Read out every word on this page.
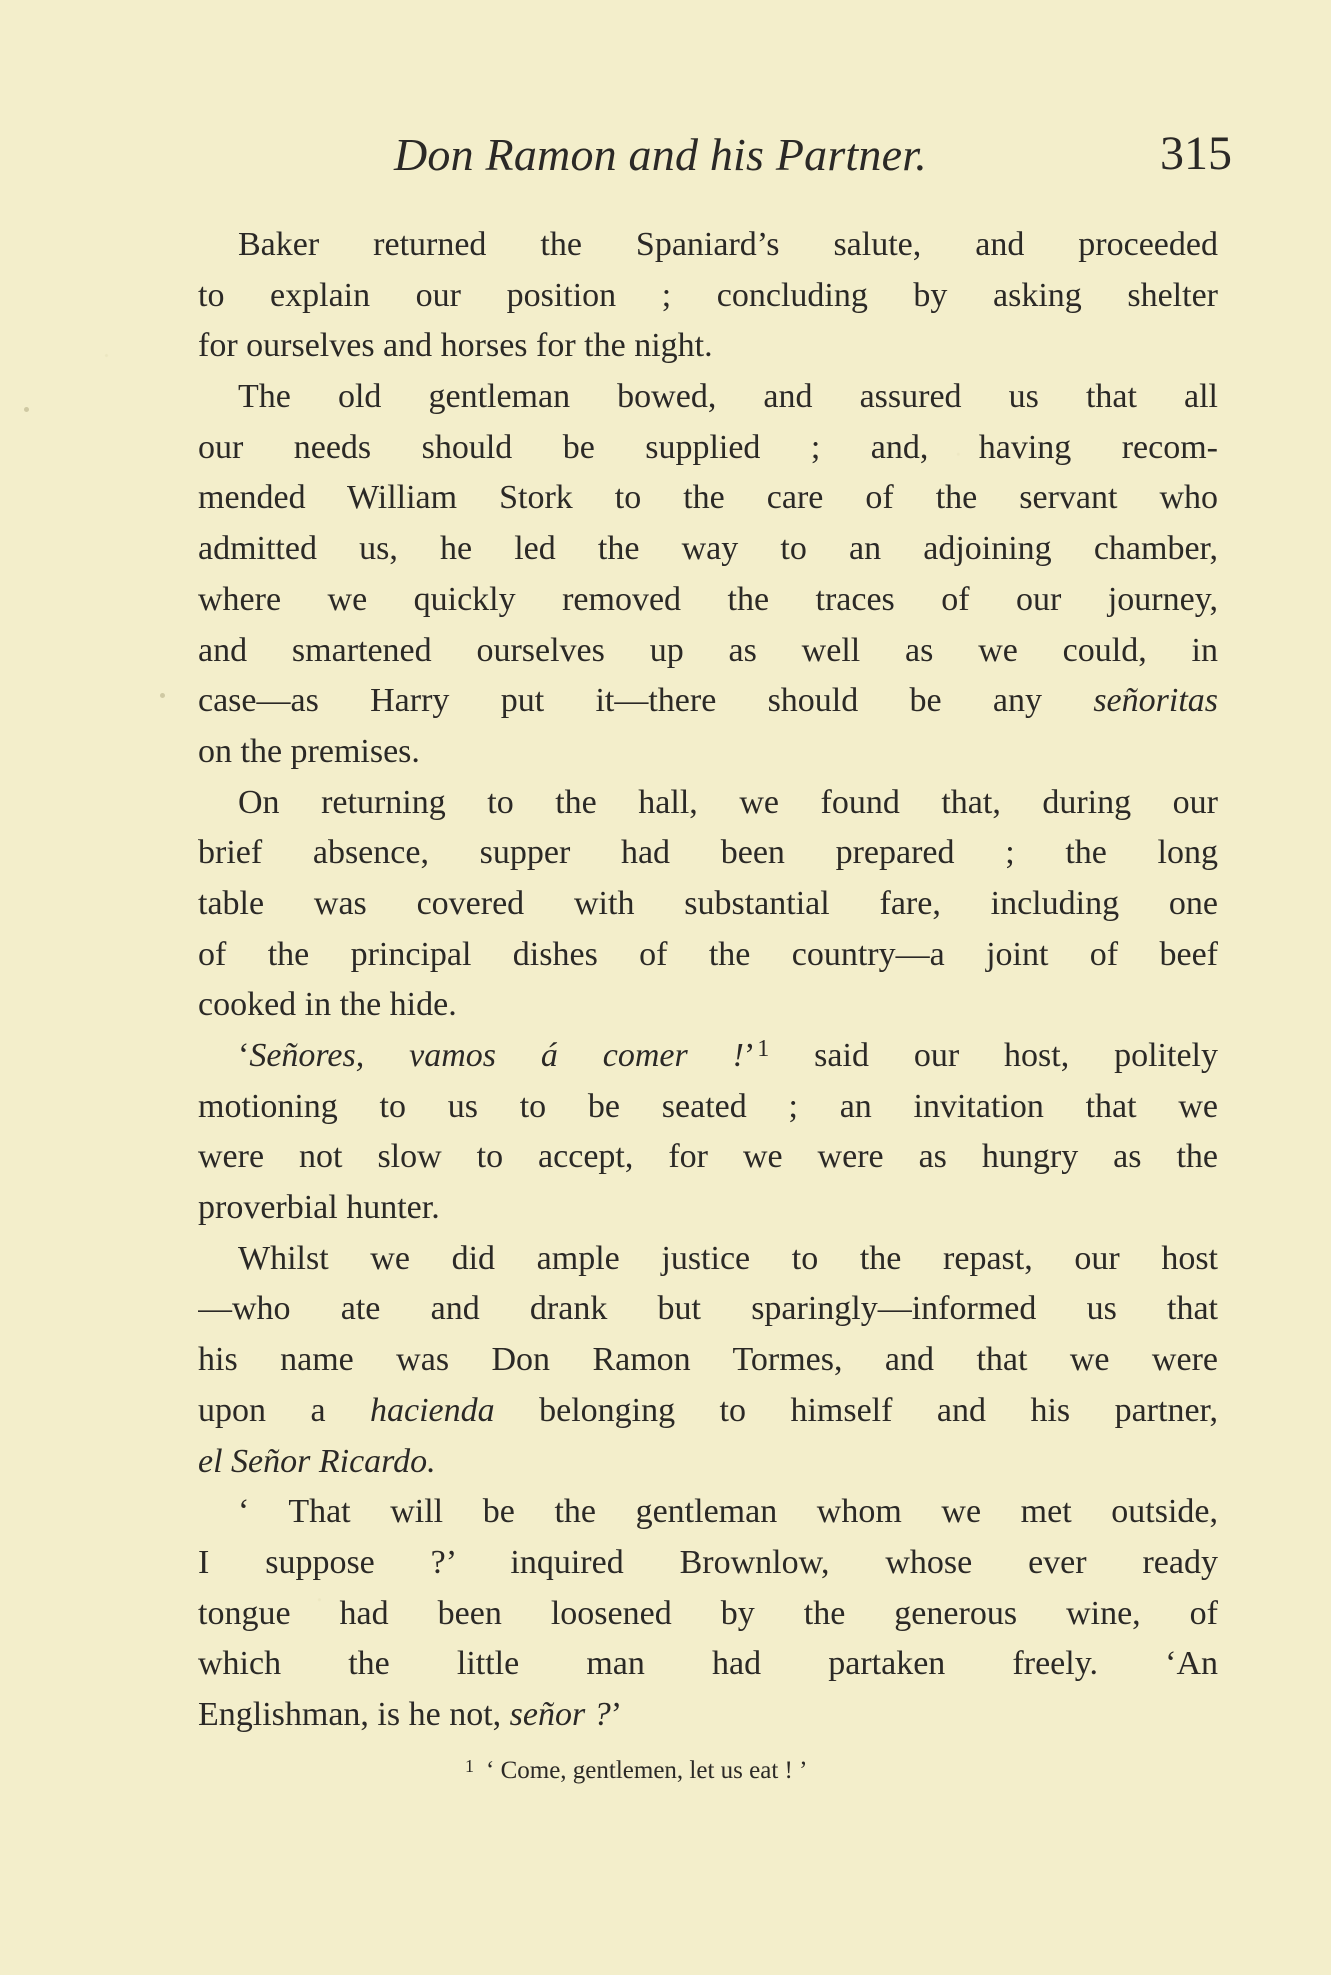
Don Ramon and his Partner.	315
Baker returned the Spaniard’s salute, and proceeded
to explain our position ; concluding by asking shelter
for ourselves and horses for the night.
The old gentleman bowed, and assured us that all
our needs should be supplied ; and, having recom-
mended William Stork to the care of the servant who
admitted us, he led the way to an adjoining chamber,
where we quickly removed the traces of our journey,
and smartened ourselves up as well as we could, in
case—as Harry put it—there should be any señoritas
on the premises.
On returning to the hall, we found that, during our
brief absence, supper had been prepared ; the long
table was covered with substantial fare, including one
of the principal dishes of the country—a joint of beef
cooked in the hide.
‘Señores, vamos á comer !’$^1$ said our host, politely
motioning to us to be seated ; an invitation that we
were not slow to accept, for we were as hungry as the
proverbial hunter.
Whilst we did ample justice to the repast, our host
—who ate and drank but sparingly—informed us that
his name was Don Ramon Tormes, and that we were
upon a hacienda belonging to himself and his partner,
el Señor Ricardo.
‘ That will be the gentleman whom we met outside,
I suppose ?’ inquired Brownlow, whose ever ready
tongue had been loosened by the generous wine, of
which the little man had partaken freely. ‘An
Englishman, is he not, señor ?’
$^1$ ‘ Come, gentlemen, let us eat ! ’
